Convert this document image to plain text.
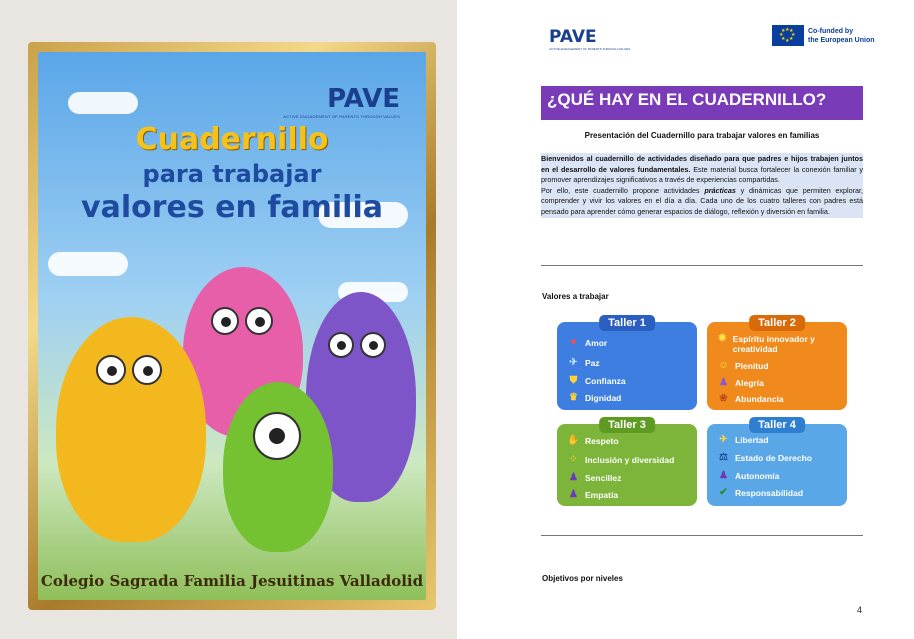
PAVE
ACTIVE ENGAGEMENT OF PARENTS THROUGH VALUES
Cuadernillo
para trabajar
valores en familia
Colegio Sagrada Familia Jesuitinas Valladolid
PAVE
ACTIVE ENGAGEMENT OF PARENTS THROUGH VALUES
★
★
★ ★
★ ★
★ ★
Co-funded by
the European Union
¿QUÉ HAY EN EL CUADERNILLO?
Presentación del Cuadernillo para trabajar valores en familias
Bienvenidos al cuadernillo de actividades diseñado para que padres e hijos trabajen juntos en el desarrollo de valores fundamentales. Este material busca fortalecer la conexión familiar y promover aprendizajes significativos a través de experiencias compartidas.
Por ello, este cuadernillo propone actividades prácticas y dinámicas que permiten explorar, comprender y vivir los valores en el día a día. Cada uno de los cuatro talleres con padres está pensado para aprender cómo generar espacios de diálogo, reflexión y diversión en familia.
Valores a trabajar
Taller 1
♥	Amor
✈ Paz
⛊ Confianza
♛ Dignidad
Taller 2
✹ Espíritu innovador y creatividad
☺ Plenitud
♟ Alegría
❀ Abundancia
Taller 3
✋ Respeto
⁘ Inclusión y diversidad
♟ Sencillez
♟ Empatía
Taller 4
✈ Libertad
⚖ Estado de Derecho
♟ Autonomía
✔ Responsabilidad
Objetivos por niveles
4
